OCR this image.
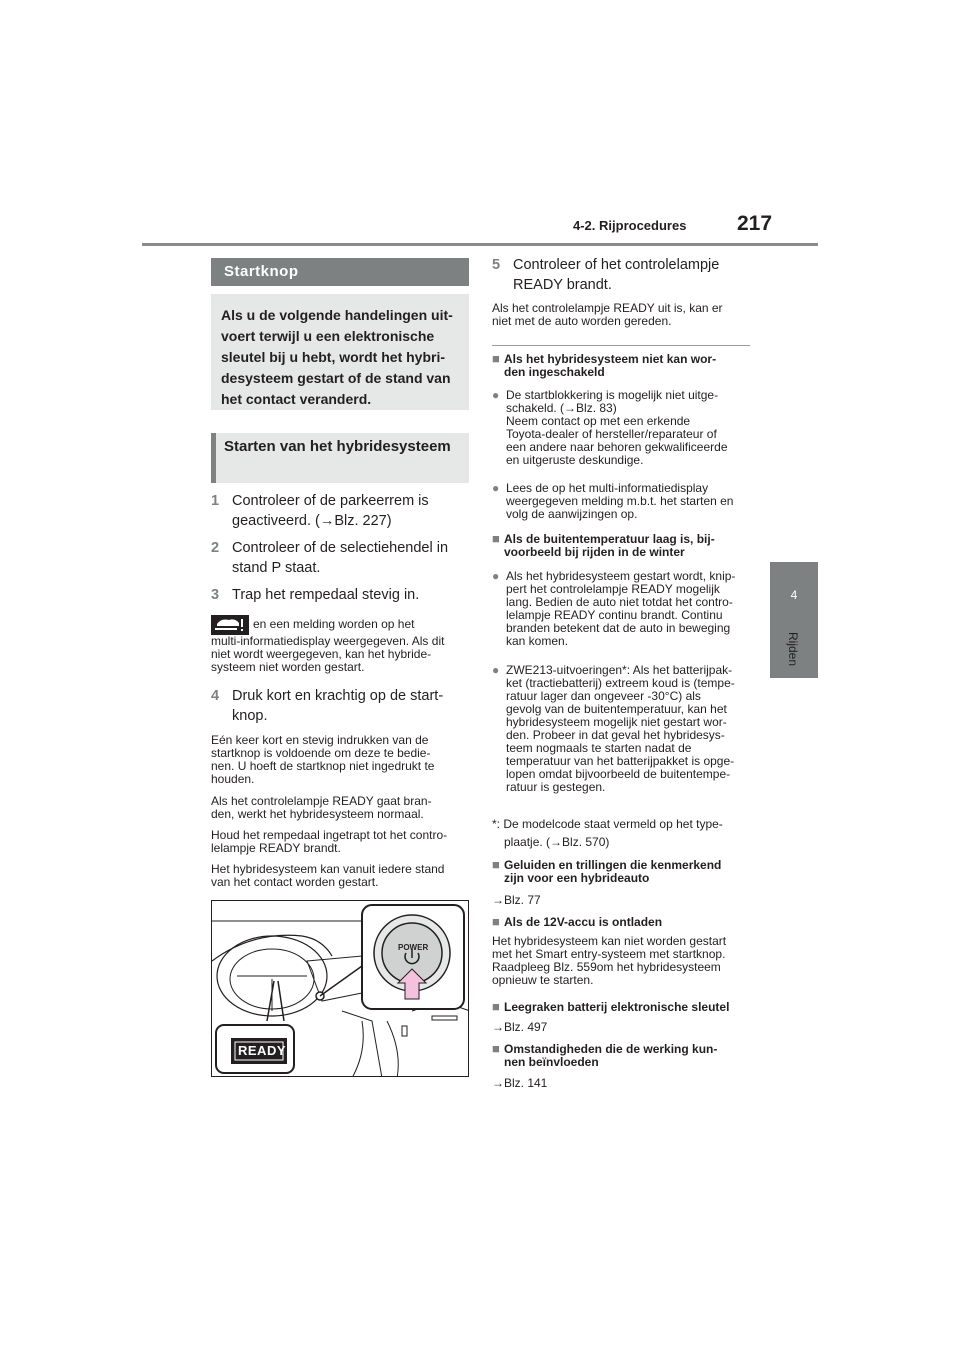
4-2. Rijprocedures 217
4
Rijden
Startknop

Als u de volgende handelingen uit-voert terwijl u een elektronische sleutel bij u hebt, wordt het hybri-desysteem gestart of de stand van het contact veranderd.

Starten van het hybridesysteem
1 Controleer of de parkeerrem is
geactiveerd. (→Blz. 227)
2 Controleer of de selectiehendel in
stand P staat.
3 Trap het rempedaal stevig in.
en een melding worden op het
multi-informatiedisplay weergegeven. Als dit
niet wordt weergegeven, kan het hybride-
systeem niet worden gestart.
4 Druk kort en krachtig op de start-
knop.
Eén keer kort en stevig indrukken van de
startknop is voldoende om deze te bedie-
nen. U hoeft de startknop niet ingedrukt te
houden.
Als het controlelampje READY gaat bran-
den, werkt het hybridesysteem normaal.
Houd het rempedaal ingetrapt tot het contro-
lelampje READY brandt.
Het hybridesysteem kan vanuit iedere stand
van het contact worden gestart.
POWER
READY
5 Controleer of het controlelampje
READY brandt.
Als het controlelampje READY uit is, kan er
niet met de auto worden gereden.
■ Als het hybridesysteem niet kan wor-
den ingeschakeld
● De startblokkering is mogelijk niet uitge-
schakeld. (→Blz. 83)
Neem contact op met een erkende
Toyota-dealer of hersteller/reparateur of
een andere naar behoren gekwalificeerde
en uitgeruste deskundige.
● Lees de op het multi-informatiedisplay
weergegeven melding m.b.t. het starten en
volg de aanwijzingen op.
■ Als de buitentemperatuur laag is, bij-
voorbeeld bij rijden in de winter
● Als het hybridesysteem gestart wordt, knip-
pert het controlelampje READY mogelijk
lang. Bedien de auto niet totdat het contro-
lelampje READY continu brandt. Continu
branden betekent dat de auto in beweging
kan komen.
● ZWE213-uitvoeringen*: Als het batterijpak-
ket (tractiebatterij) extreem koud is (tempe-
ratuur lager dan ongeveer -30°C) als
gevolg van de buitentemperatuur, kan het
hybridesysteem mogelijk niet gestart wor-
den. Probeer in dat geval het hybridesys-
teem nogmaals te starten nadat de
temperatuur van het batterijpakket is opge-
lopen omdat bijvoorbeeld de buitentempe-
ratuur is gestegen.
*: De modelcode staat vermeld op het type-
plaatje. (→Blz. 570)
■ Geluiden en trillingen die kenmerkend
zijn voor een hybrideauto
→Blz. 77
■ Als de 12V-accu is ontladen
Het hybridesysteem kan niet worden gestart
met het Smart entry-systeem met startknop.
Raadpleeg Blz. 559om het hybridesysteem
opnieuw te starten.
■ Leegraken batterij elektronische sleutel
→Blz. 497
■ Omstandigheden die de werking kun-
nen beïnvloeden
→Blz. 141
